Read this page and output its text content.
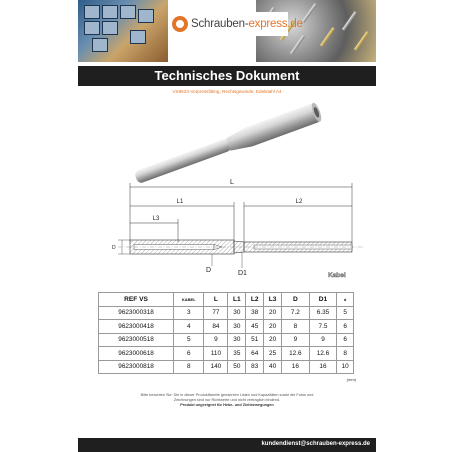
Schrauben-express.de
Technisches Dokument
VS9623-Vorpressfitting, Rechtsgewinde, Edelstahl A4
L
L1
L3
L2
D
D	D1	Kabel
REF VS	KABEL	L	L1	L2	L3	D	D1	d
9623000318	3	77	30	38	20	7.2	6.35	5
9623000418	4	84	30	45	20	8	7.5	6
9623000518	5	9	30	51	20	9	9	6
9623000618	6	110	35	64	25	12.6	12.6	8
9623000818	8	140	50	83	40	16	16	10
(mm)
Bitte beachten Sie: Die in dieser Produktfamilie genannten Listen und Kapazitäten sowie die Fotos und
Zeichnungen sind nur Richtwerte und nicht vertraglich bindend.
Produkt ungeeignet für Hebe- und Ziehbewegungen
kundendienst@schrauben-express.de
